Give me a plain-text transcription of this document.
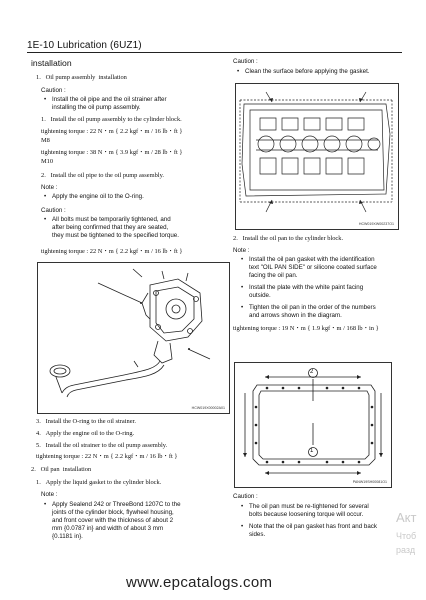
1E-10 Lubrication (6UZ1)
installation
1.   Oil pump assembly  installation
Caution :
• Install the oil pipe and the oil strainer after
installing the oil pump assembly.
1.   Install the oil pump assembly to the cylinder block.
tightening torque : 22 N・m { 2.2 kgf・m / 16 lb・ft }
M8
tightening torque : 38 N・m { 3.9 kgf・m / 28 lb・ft }
M10
2.   Install the oil pipe to the oil pump assembly.
Note :
• Apply the engine oil to the O-ring.
Caution :
• All bolts must be temporarily tightened, and
after being confirmed that they are seated,
they must be tightened to the specified torque.
tightening torque : 22 N・m { 2.2 kgf・m / 16 lb・ft }
HCW019X00002A01
3.   Install the O-ring to the oil strainer.
4.   Apply the engine oil to the O-ring.
5.   Install the oil strainer to the oil pump assembly.
tightening torque : 22 N・m { 2.2 kgf・m / 16 lb・ft }
2.   Oil pan  installation
1.   Apply the liquid gasket to the cylinder block.
Note :
• Apply Sealend 242 or ThreeBond 1207C to the
joints of the cylinder block, flywheel housing,
and front cover with the thickness of about 2
mm {0.0787 in} and width of about 3 mm
{0.1181 in}.
Caution :
• Clean the surface before applying the gasket.
HCW019XW00237O1
2.   Install the oil pan to the cylinder block.
Note :
• Install the oil pan gasket with the identification
text "OIL PAN SIDE" or silicone coated surface
facing the oil pan.
• Install the plate with the white paint facing
outside.
• Tighten the oil pan in the order of the numbers
and arrows shown in the diagram.
tightening torque : 19 N・m { 1.9 kgf・m / 168 lb・in }
2
1
PANW19SH00081O1
Caution :
• The oil pan must be re-tightened for several
bolts because loosening torque will occur.
• Note that the oil pan gasket has front and back
sides.
Акт
Чтоб
разд
www.epcatalogs.com
